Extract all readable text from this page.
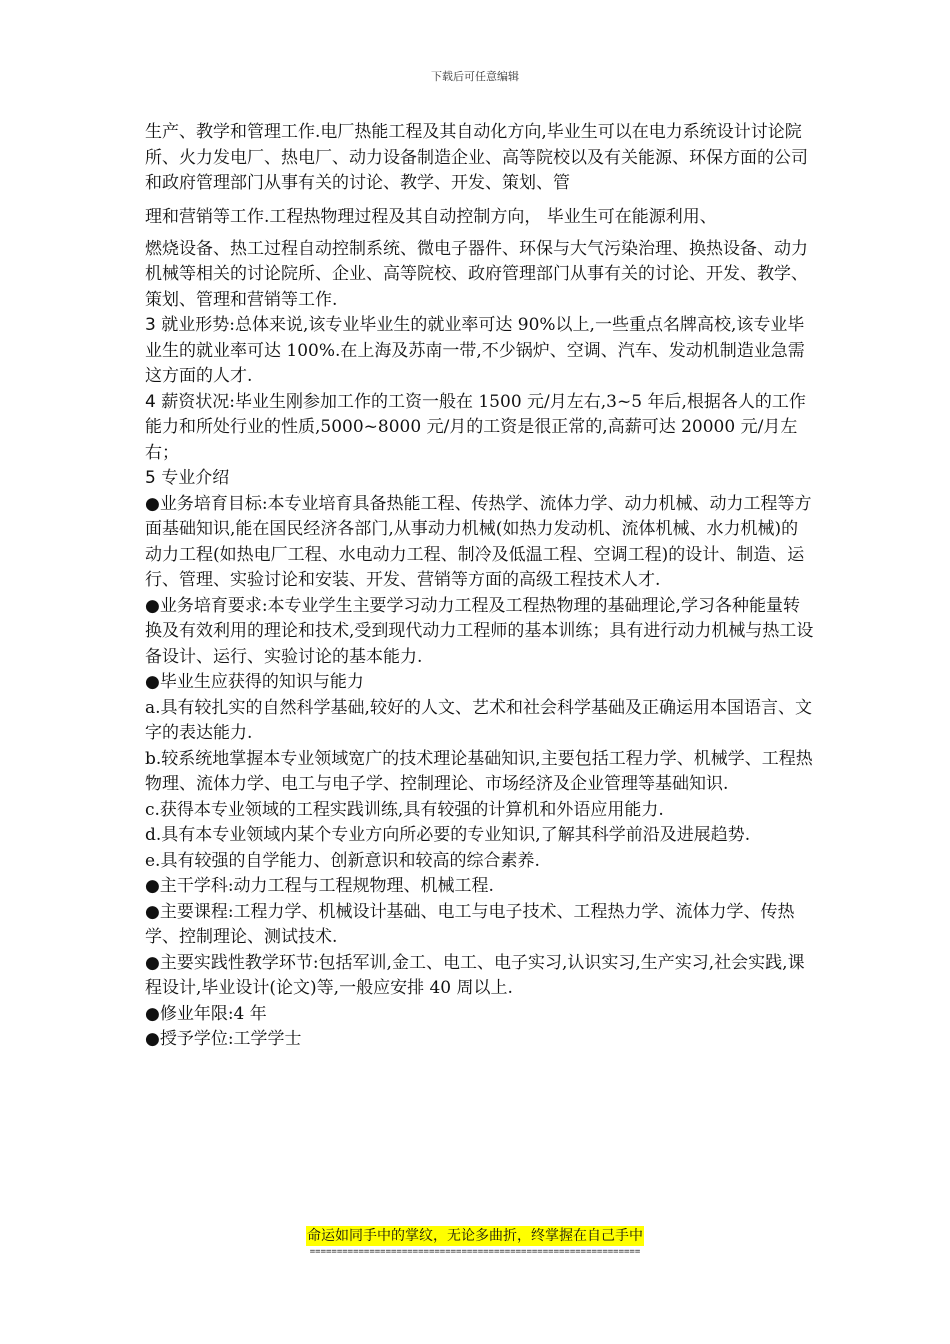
下载后可任意编辑

生产、教学和管理工作.电厂热能工程及其自动化方向,毕业生可以在电力系统设计讨论院所、火力发电厂、热电厂、动力设备制造企业、高等院校以及有关能源、环保方面的公司和政府管理部门从事有关的讨论、教学、开发、策划、管

理和营销等工作.工程热物理过程及其自动控制方向， 毕业生可在能源利用、

燃烧设备、热工过程自动控制系统、微电子器件、环保与大气污染治理、换热设备、动力机械等相关的讨论院所、企业、高等院校、政府管理部门从事有关的讨论、开发、教学、策划、管理和营销等工作.

3 就业形势:总体来说,该专业毕业生的就业率可达 90%以上,一些重点名牌高校,该专业毕业生的就业率可达 100%.在上海及苏南一带,不少锅炉、空调、汽车、发动机制造业急需这方面的人才.

4 薪资状况:毕业生刚参加工作的工资一般在 1500 元/月左右,3~5 年后,根据各人的工作能力和所处行业的性质,5000~8000 元/月的工资是很正常的,高薪可达 20000 元/月左右；

5 专业介绍

●业务培育目标:本专业培育具备热能工程、传热学、流体力学、动力机械、动力工程等方面基础知识,能在国民经济各部门,从事动力机械(如热力发动机、流体机械、水力机械)的动力工程(如热电厂工程、水电动力工程、制冷及低温工程、空调工程)的设计、制造、运行、管理、实验讨论和安装、开发、营销等方面的高级工程技术人才.

●业务培育要求:本专业学生主要学习动力工程及工程热物理的基础理论,学习各种能量转换及有效利用的理论和技术,受到现代动力工程师的基本训练；具有进行动力机械与热工设备设计、运行、实验讨论的基本能力.

●毕业生应获得的知识与能力

a.具有较扎实的自然科学基础,较好的人文、艺术和社会科学基础及正确运用本国语言、文字的表达能力.

b.较系统地掌握本专业领域宽广的技术理论基础知识,主要包括工程力学、机械学、工程热物理、流体力学、电工与电子学、控制理论、市场经济及企业管理等基础知识.

c.获得本专业领域的工程实践训练,具有较强的计算机和外语应用能力.

d.具有本专业领域内某个专业方向所必要的专业知识,了解其科学前沿及进展趋势.

e.具有较强的自学能力、创新意识和较高的综合素养.

●主干学科:动力工程与工程规物理、机械工程.

●主要课程:工程力学、机械设计基础、电工与电子技术、工程热力学、流体力学、传热学、控制理论、测试技术.

●主要实践性教学环节:包括军训,金工、电工、电子实习,认识实习,生产实习,社会实践,课程设计,毕业设计(论文)等,一般应安排 40 周以上.

●修业年限:4 年

●授予学位:工学学士

命运如同手中的掌纹，无论多曲折，终掌握在自己手中
=============================================================
